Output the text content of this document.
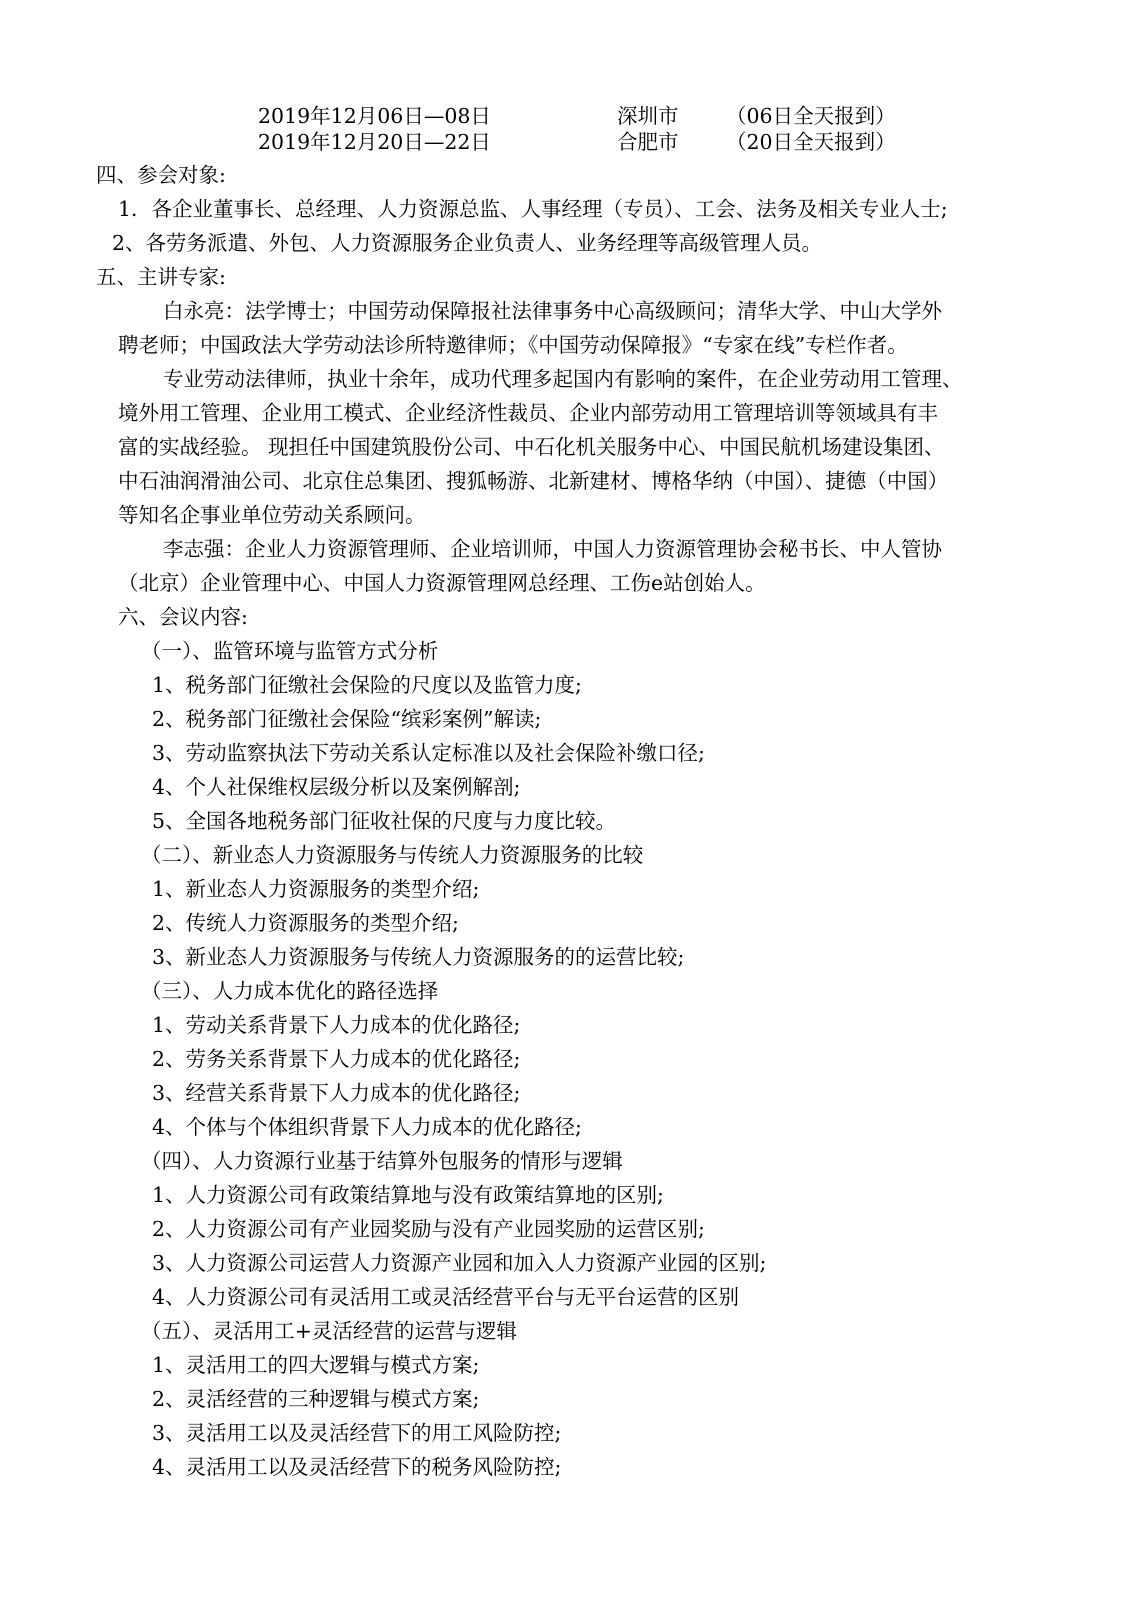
2019年12月06日—08日	深圳市 （06日全天报到）
2019年12月20日—22日	合肥市 （20日全天报到）
四、参会对象:
1．各企业董事长、总经理、人力资源总监、人事经理（专员）、工会、法务及相关专业人士;
2、各劳务派遣、外包、人力资源服务企业负责人、业务经理等高级管理人员。
五、主讲专家:
白永亮：法学博士；中国劳动保障报社法律事务中心高级顾问；清华大学、中山大学外
聘老师；中国政法大学劳动法诊所特邀律师；《中国劳动保障报》“专家在线”专栏作者。
专业劳动法律师，执业十余年，成功代理多起国内有影响的案件，在企业劳动用工管理、
境外用工管理、企业用工模式、企业经济性裁员、企业内部劳动用工管理培训等领域具有丰
富的实战经验。 现担任中国建筑股份公司、中石化机关服务中心、中国民航机场建设集团、
中石油润滑油公司、北京住总集团、搜狐畅游、北新建材、博格华纳（中国）、捷德（中国）
等知名企事业单位劳动关系顾问。
李志强：企业人力资源管理师、企业培训师，中国人力资源管理协会秘书长、中人管协
（北京）企业管理中心、中国人力资源管理网总经理、工伤e站创始人。
六、会议内容:
（一）、监管环境与监管方式分析
1、税务部门征缴社会保险的尺度以及监管力度;
2、税务部门征缴社会保险“缤彩案例”解读;
3、劳动监察执法下劳动关系认定标准以及社会保险补缴口径;
4、个人社保维权层级分析以及案例解剖;
5、全国各地税务部门征收社保的尺度与力度比较。
（二）、新业态人力资源服务与传统人力资源服务的比较
1、新业态人力资源服务的类型介绍;
2、传统人力资源服务的类型介绍;
3、新业态人力资源服务与传统人力资源服务的的运营比较;
（三）、人力成本优化的路径选择
1、劳动关系背景下人力成本的优化路径;
2、劳务关系背景下人力成本的优化路径;
3、经营关系背景下人力成本的优化路径;
4、个体与个体组织背景下人力成本的优化路径;
（四）、人力资源行业基于结算外包服务的情形与逻辑
1、人力资源公司有政策结算地与没有政策结算地的区别;
2、人力资源公司有产业园奖励与没有产业园奖励的运营区别;
3、人力资源公司运营人力资源产业园和加入人力资源产业园的区别;
4、人力资源公司有灵活用工或灵活经营平台与无平台运营的区别
（五）、灵活用工+灵活经营的运营与逻辑
1、灵活用工的四大逻辑与模式方案;
2、灵活经营的三种逻辑与模式方案;
3、灵活用工以及灵活经营下的用工风险防控;
4、灵活用工以及灵活经营下的税务风险防控;
